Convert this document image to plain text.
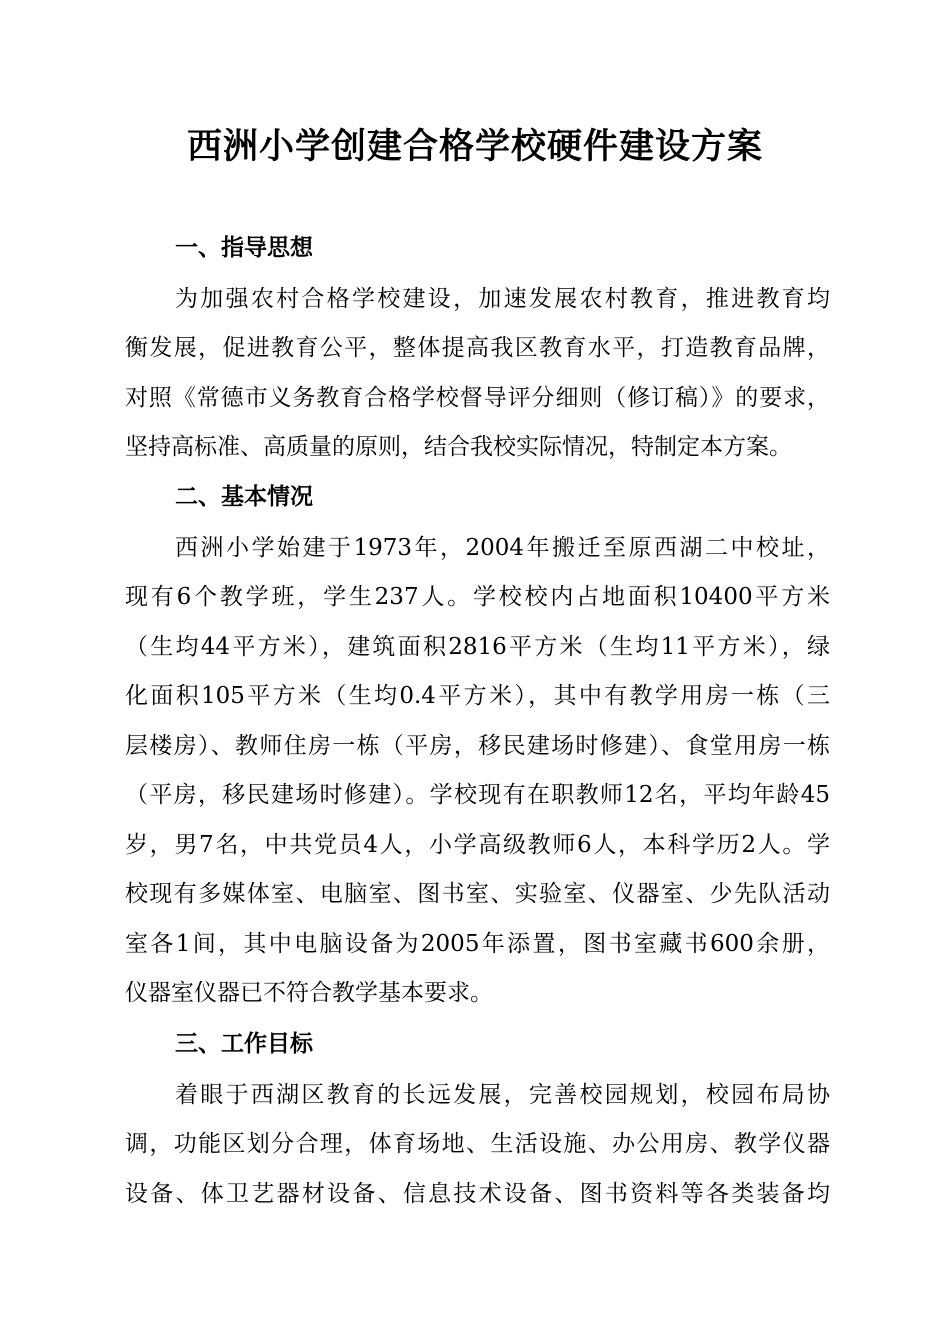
西洲小学创建合格学校硬件建设方案
一、指导思想
为加强农村合格学校建设，加速发展农村教育，推进教育均
衡发展，促进教育公平，整体提高我区教育水平，打造教育品牌，
对照《常德市义务教育合格学校督导评分细则（修订稿）》的要求，
坚持高标准、高质量的原则，结合我校实际情况，特制定本方案。
二、基本情况
西洲小学始建于1973年，2004年搬迁至原西湖二中校址，
现有6个教学班，学生237人。学校校内占地面积10400平方米
（生均44平方米），建筑面积2816平方米（生均11平方米），绿
化面积105平方米（生均0.4平方米），其中有教学用房一栋（三
层楼房）、教师住房一栋（平房，移民建场时修建）、食堂用房一栋
（平房，移民建场时修建）。学校现有在职教师12名，平均年龄45
岁，男7名，中共党员4人，小学高级教师6人，本科学历2人。学
校现有多媒体室、电脑室、图书室、实验室、仪器室、少先队活动
室各1间，其中电脑设备为2005年添置，图书室藏书600余册，
仪器室仪器已不符合教学基本要求。
三、工作目标
着眼于西湖区教育的长远发展，完善校园规划，校园布局协
调，功能区划分合理，体育场地、生活设施、办公用房、教学仪器
设备、体卫艺器材设备、信息技术设备、图书资料等各类装备均
